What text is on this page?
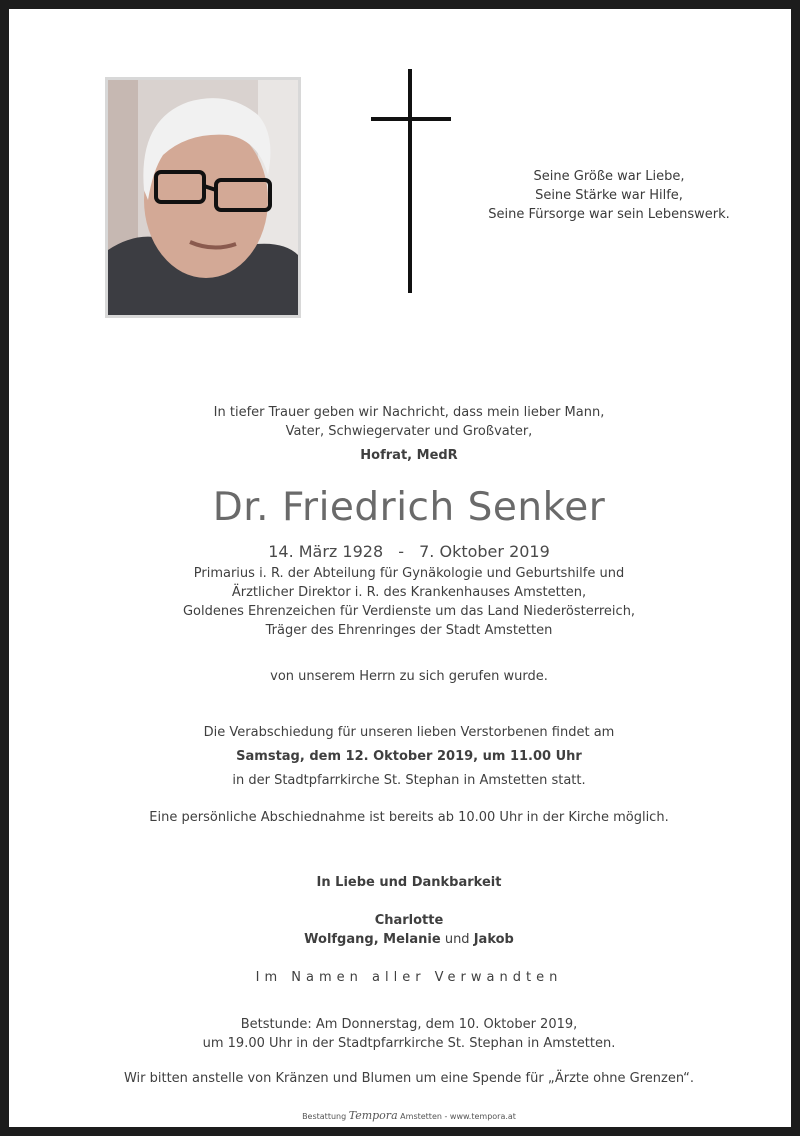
Seine Größe war Liebe,
Seine Stärke war Hilfe,
Seine Fürsorge war sein Lebenswerk.
In tiefer Trauer geben wir Nachricht, dass mein lieber Mann,
Vater, Schwiegervater und Großvater,
Hofrat, MedR
Dr. Friedrich Senker
14. März 1928 - 7. Oktober 2019
Primarius i. R. der Abteilung für Gynäkologie und Geburtshilfe und
Ärztlicher Direktor i. R. des Krankenhauses Amstetten,
Goldenes Ehrenzeichen für Verdienste um das Land Niederösterreich,
Träger des Ehrenringes der Stadt Amstetten
von unserem Herrn zu sich gerufen wurde.
Die Verabschiedung für unseren lieben Verstorbenen findet am
Samstag, dem 12. Oktober 2019, um 11.00 Uhr
in der Stadtpfarrkirche St. Stephan in Amstetten statt.
Eine persönliche Abschiednahme ist bereits ab 10.00 Uhr in der Kirche möglich.
In Liebe und Dankbarkeit
Charlotte
Wolfgang, Melanie und Jakob
Im Namen aller Verwandten
Betstunde: Am Donnerstag, dem 10. Oktober 2019,
um 19.00 Uhr in der Stadtpfarrkirche St. Stephan in Amstetten.
Wir bitten anstelle von Kränzen und Blumen um eine Spende für „Ärzte ohne Grenzen“.
Bestattung Tempora Amstetten - www.tempora.at
